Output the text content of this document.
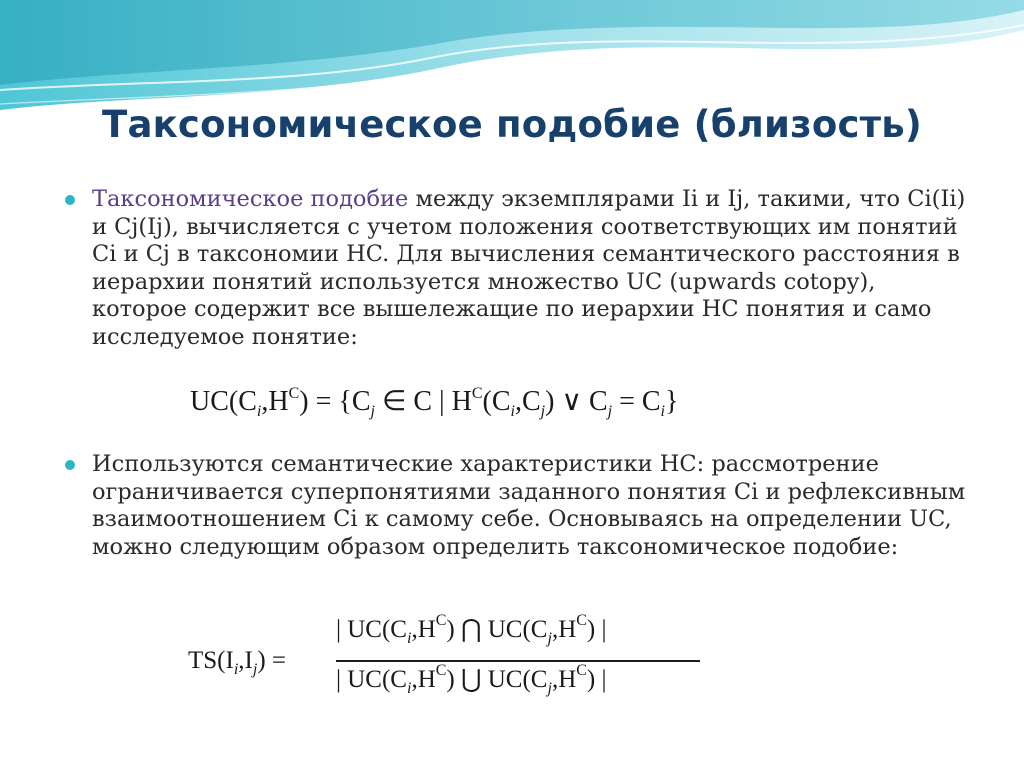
Таксономическое подобие (близость)
Таксономическое подобие между экземплярами Ii и Ij, такими, что Ci(Ii) и Cj(Ij), вычисляется с учетом положения соответствующих им понятий Ci и Cj в таксономии HC. Для вычисления семантического расстояния в иерархии понятий используется множество UC (upwards cotopy), которое содержит все вышележащие по иерархии HC понятия и само исследуемое понятие:
$UC(C_i,H^C) = \{C_j$ ∈ C | $H^C(C_i,C_j)$ ∨ $C_j = C_i$}
Используются семантические характеристики HC: рассмотрение ограничивается суперпонятиями заданного понятия Ci и рефлексивным взаимоотношением Ci к самому себе. Основываясь на определении UC, можно следующим образом определить таксономическое подобие:
$TS(I_i,I_j)$ =
| $UC(C_i,H^C)$ ⋂ $UC(C_j,H^C)$ |
| $UC(C_i,H^C)$ ⋃ $UC(C_j,H^C)$ |
